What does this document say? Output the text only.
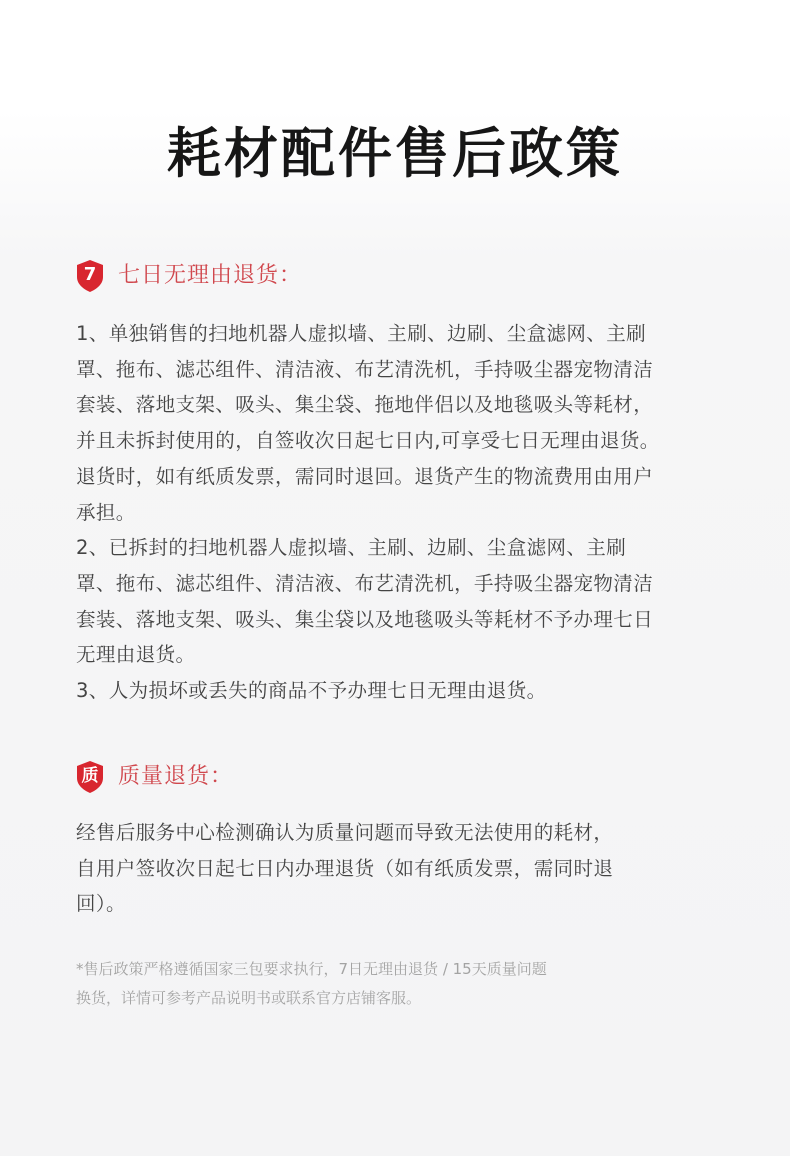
耗材配件售后政策
7 七日无理由退货：

1、单独销售的扫地机器人虚拟墙、主刷、边刷、尘盒滤网、主刷

罩、拖布、滤芯组件、清洁液、布艺清洗机，手持吸尘器宠物清洁

套装、落地支架、吸头、集尘袋、拖地伴侣以及地毯吸头等耗材，

并且未拆封使用的，自签收次日起七日内,可享受七日无理由退货。

退货时，如有纸质发票，需同时退回。退货产生的物流费用由用户

承担。

2、已拆封的扫地机器人虚拟墙、主刷、边刷、尘盒滤网、主刷

罩、拖布、滤芯组件、清洁液、布艺清洗机，手持吸尘器宠物清洁

套装、落地支架、吸头、集尘袋以及地毯吸头等耗材不予办理七日

无理由退货。

3、人为损坏或丢失的商品不予办理七日无理由退货。

质 质量退货：

经售后服务中心检测确认为质量问题而导致无法使用的耗材，

自用户签收次日起七日内办理退货（如有纸质发票，需同时退

回）。

*售后政策严格遵循国家三包要求执行，7日无理由退货 / 15天质量问题

换货，详情可参考产品说明书或联系官方店铺客服。
